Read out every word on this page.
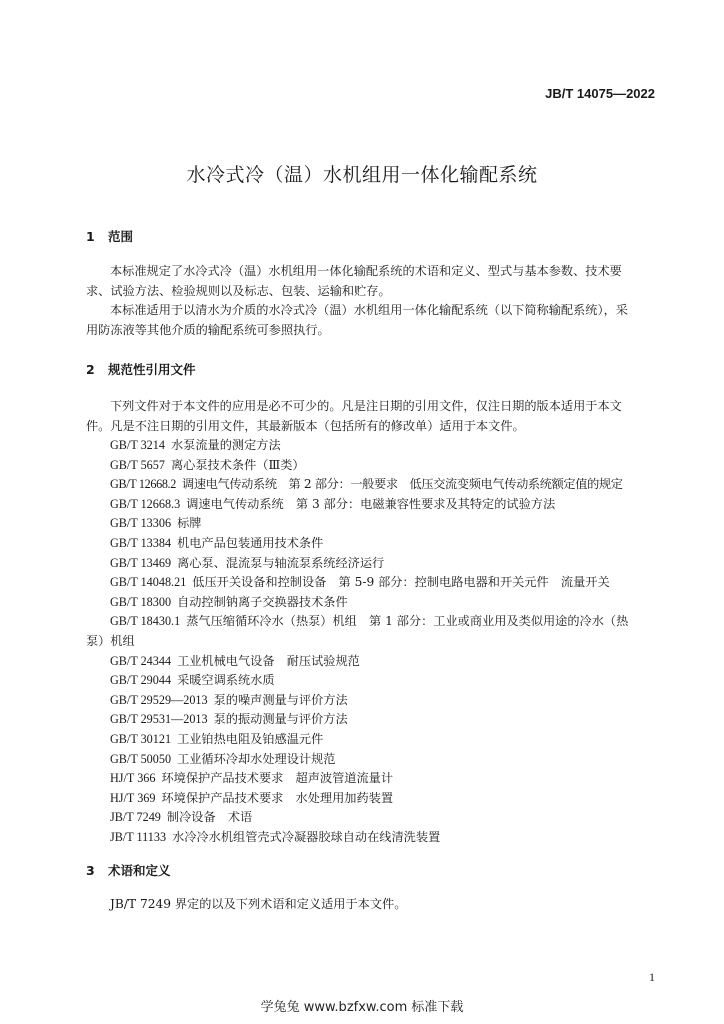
JB/T 14075—2022
水冷式冷（温）水机组用一体化输配系统
1 范围
本标准规定了水冷式冷（温）水机组用一体化输配系统的术语和定义、型式与基本参数、技术要
求、试验方法、检验规则以及标志、包装、运输和贮存。
本标准适用于以清水为介质的水冷式冷（温）水机组用一体化输配系统（以下简称输配系统），采
用防冻液等其他介质的输配系统可参照执行。
2 规范性引用文件
下列文件对于本文件的应用是必不可少的。凡是注日期的引用文件，仅注日期的版本适用于本文
件。凡是不注日期的引用文件，其最新版本（包括所有的修改单）适用于本文件。
GB/T 3214 水泵流量的测定方法
GB/T 5657 离心泵技术条件（Ⅲ类）
GB/T 12668.2 调速电气传动系统　第 2 部分：一般要求　低压交流变频电气传动系统额定值的规定
GB/T 12668.3 调速电气传动系统　第 3 部分：电磁兼容性要求及其特定的试验方法
GB/T 13306 标牌
GB/T 13384 机电产品包装通用技术条件
GB/T 13469 离心泵、混流泵与轴流泵系统经济运行
GB/T 14048.21 低压开关设备和控制设备　第 5-9 部分：控制电路电器和开关元件　流量开关
GB/T 18300 自动控制钠离子交换器技术条件
GB/T 18430.1 蒸气压缩循环冷水（热泵）机组　第 1 部分：工业或商业用及类似用途的冷水（热
泵）机组
GB/T 24344 工业机械电气设备　耐压试验规范
GB/T 29044 采暖空调系统水质
GB/T 29529—2013 泵的噪声测量与评价方法
GB/T 29531—2013 泵的振动测量与评价方法
GB/T 30121 工业铂热电阻及铂感温元件
GB/T 50050 工业循环冷却水处理设计规范
HJ/T 366 环境保护产品技术要求　超声波管道流量计
HJ/T 369 环境保护产品技术要求　水处理用加药装置
JB/T 7249 制冷设备　术语
JB/T 11133 水冷冷水机组管壳式冷凝器胶球自动在线清洗装置
3 术语和定义
JB/T 7249 界定的以及下列术语和定义适用于本文件。
1
学兔兔 www.bzfxw.com 标准下载
